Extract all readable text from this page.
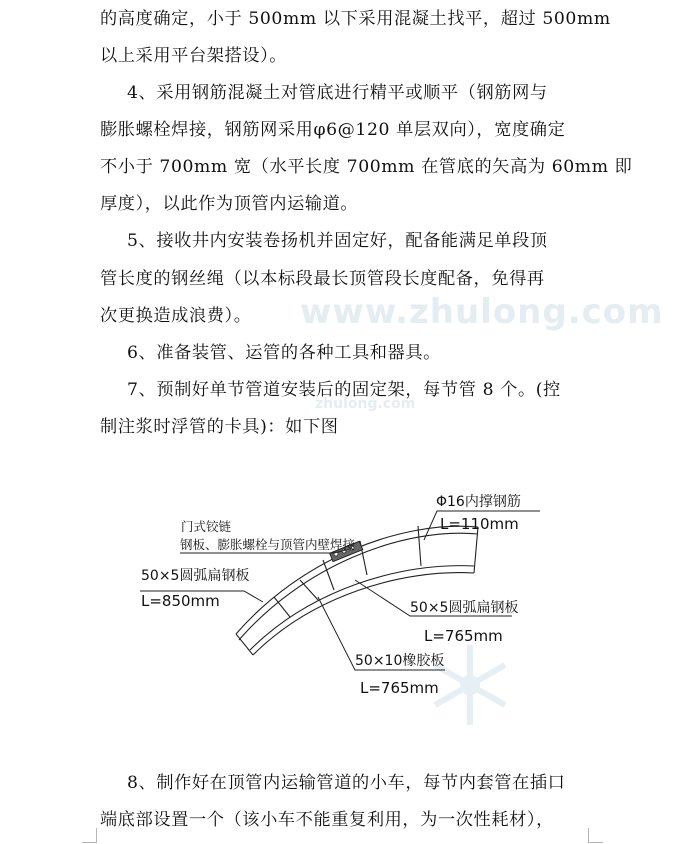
www.zhulong.com
zhulong.com
的高度确定，小于 500mm 以下采用混凝土找平，超过 500mm
以上采用平台架搭设）。
4、采用钢筋混凝土对管底进行精平或顺平（钢筋网与
膨胀螺栓焊接，钢筋网采用φ6@120 单层双向），宽度确定
不小于 700mm 宽（水平长度 700mm 在管底的矢高为 60mm 即
厚度），以此作为顶管内运输道。
5、接收井内安装卷扬机并固定好，配备能满足单段顶
管长度的钢丝绳（以本标段最长顶管段长度配备，免得再
次更换造成浪费）。
6、准备装管、运管的各种工具和器具。
7、预制好单节管道安装后的固定架，每节管 8 个。(控
制注浆时浮管的卡具)：如下图
8、制作好在顶管内运输管道的小车，每节内套管在插口
端底部设置一个（该小车不能重复利用，为一次性耗材），
Φ16内撑钢筋
L=110mm
门式铰链
钢板、膨胀螺栓与顶管内壁焊接
50×5圆弧扁钢板
L=850mm	50×5圆弧扁钢板
L=765mm
50×10橡胶板
L=765mm
